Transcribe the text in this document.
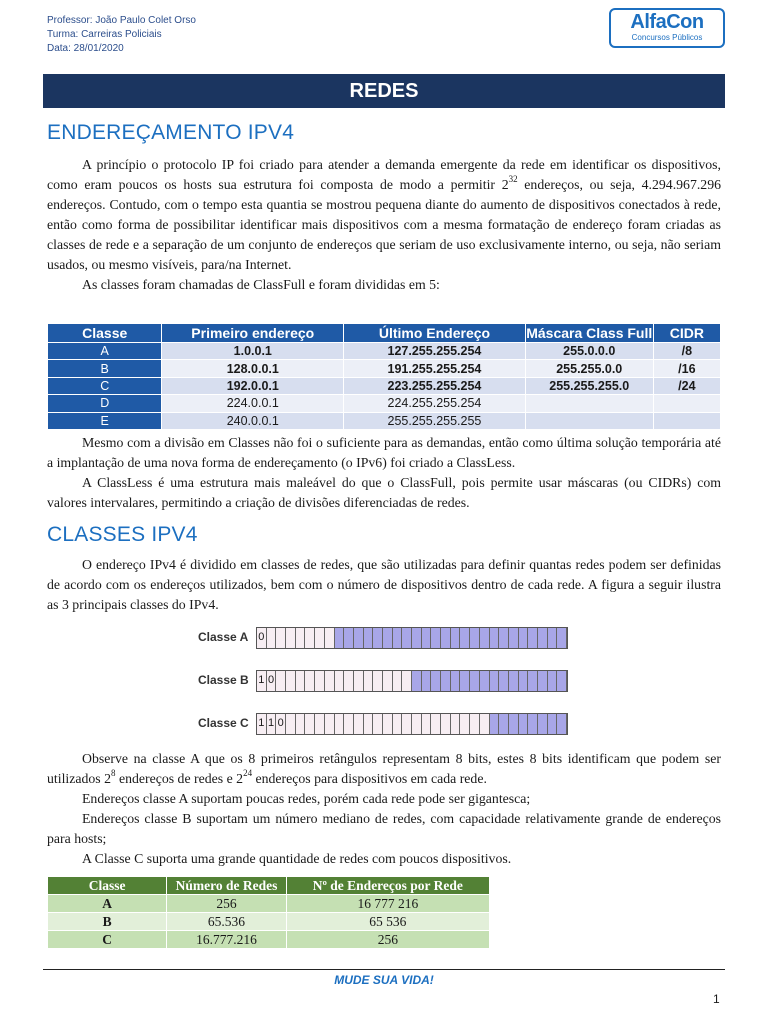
Professor: João Paulo Colet Orso
Turma: Carreiras Policiais
Data: 28/01/2020
AlfaCon
Concursos Públicos
REDES
ENDEREÇAMENTO IPV4

A princípio o protocolo IP foi criado para atender a demanda emergente da rede em identificar os dispositivos, como eram poucos os hosts sua estrutura foi composta de modo a permitir $2^{32}$ endereços, ou seja, 4.294.967.296 endereços. Contudo, com o tempo esta quantia se mostrou pequena diante do aumento de dispositivos conectados à rede, então como forma de possibilitar identificar mais dispositivos com a mesma formatação de endereço foram criadas as classes de rede e a separação de um conjunto de endereços que seriam de uso exclusivamente interno, ou seja, não seriam usados, ou mesmo visíveis, para/na Internet.

As classes foram chamadas de ClassFull e foram divididas em 5:

Classe	Primeiro endereço	Último Endereço	Máscara Class Full	CIDR
A	1.0.0.1	127.255.255.254	255.0.0.0	/8
B	128.0.0.1	191.255.255.254	255.255.0.0	/16
C	192.0.0.1	223.255.255.254	255.255.255.0	/24
D	224.0.0.1	224.255.255.254		
E	240.0.0.1	255.255.255.255		

Mesmo com a divisão em Classes não foi o suficiente para as demandas, então como última solução temporária até a implantação de uma nova forma de endereçamento (o IPv6) foi criado a ClassLess.

A ClassLess é uma estrutura mais maleável do que o ClassFull, pois permite usar máscaras (ou CIDRs) com valores intervalares, permitindo a criação de divisões diferenciadas de redes.

CLASSES IPV4

O endereço IPv4 é dividido em classes de redes, que são utilizadas para definir quantas redes podem ser definidas de acordo com os endereços utilizados, bem com o número de dispositivos dentro de cada rede. A figura a seguir ilustra as 3 principais classes do IPv4.

Classe A 0
Classe B 1 0
Classe C 1 1 0

Observe na classe A que os 8 primeiros retângulos representam 8 bits, estes 8 bits identificam que podem ser utilizados $2^8$ endereços de redes e $2^{24}$ endereços para dispositivos em cada rede.

Endereços classe A suportam poucas redes, porém cada rede pode ser gigantesca;

Endereços classe B suportam um número mediano de redes, com capacidade relativamente grande de endereços para hosts;

A Classe C suporta uma grande quantidade de redes com poucos dispositivos.

Classe	Número de Redes	Nº de Endereços por Rede
A	256	16 777 216
B	65.536	65 536
C	16.777.216	256
MUDE SUA VIDA!
1
